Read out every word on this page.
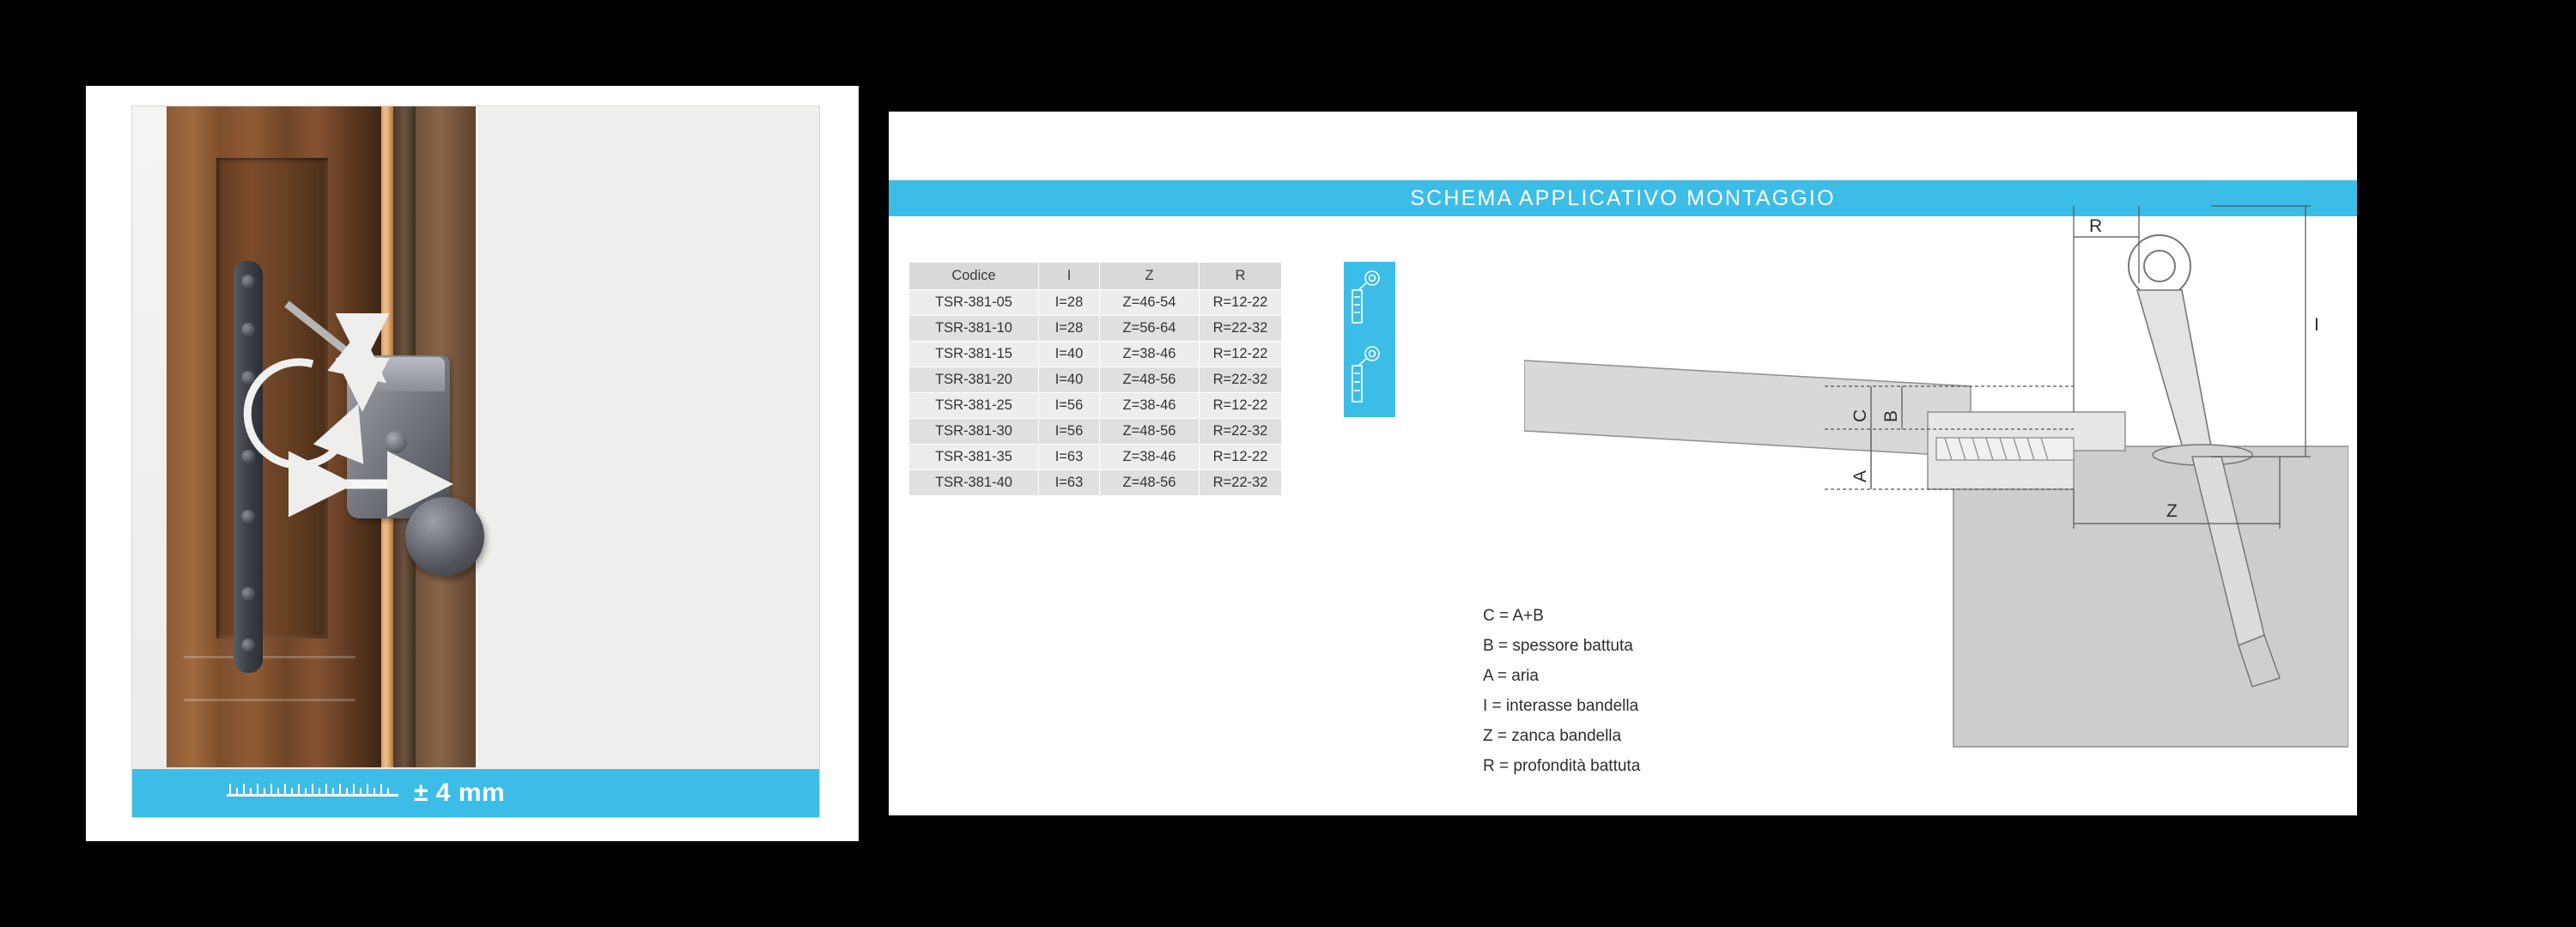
± 4 mm
SCHEMA APPLICATIVO MONTAGGIO
Codice	I	Z	R
TSR-381-05	I=28	Z=46-54	R=12-22
TSR-381-10	I=28	Z=56-64	R=22-32
TSR-381-15	I=40	Z=38-46	R=12-22
TSR-381-20	I=40	Z=48-56	R=22-32
TSR-381-25	I=56	Z=38-46	R=12-22
TSR-381-30	I=56	Z=48-56	R=22-32
TSR-381-35	I=63	Z=38-46	R=12-22
TSR-381-40	I=63	Z=48-56	R=22-32
R
I
C B
A
Z
C = A+B
B = spessore battuta
A = aria
I = interasse bandella
Z = zanca bandella
R = profondità battuta
